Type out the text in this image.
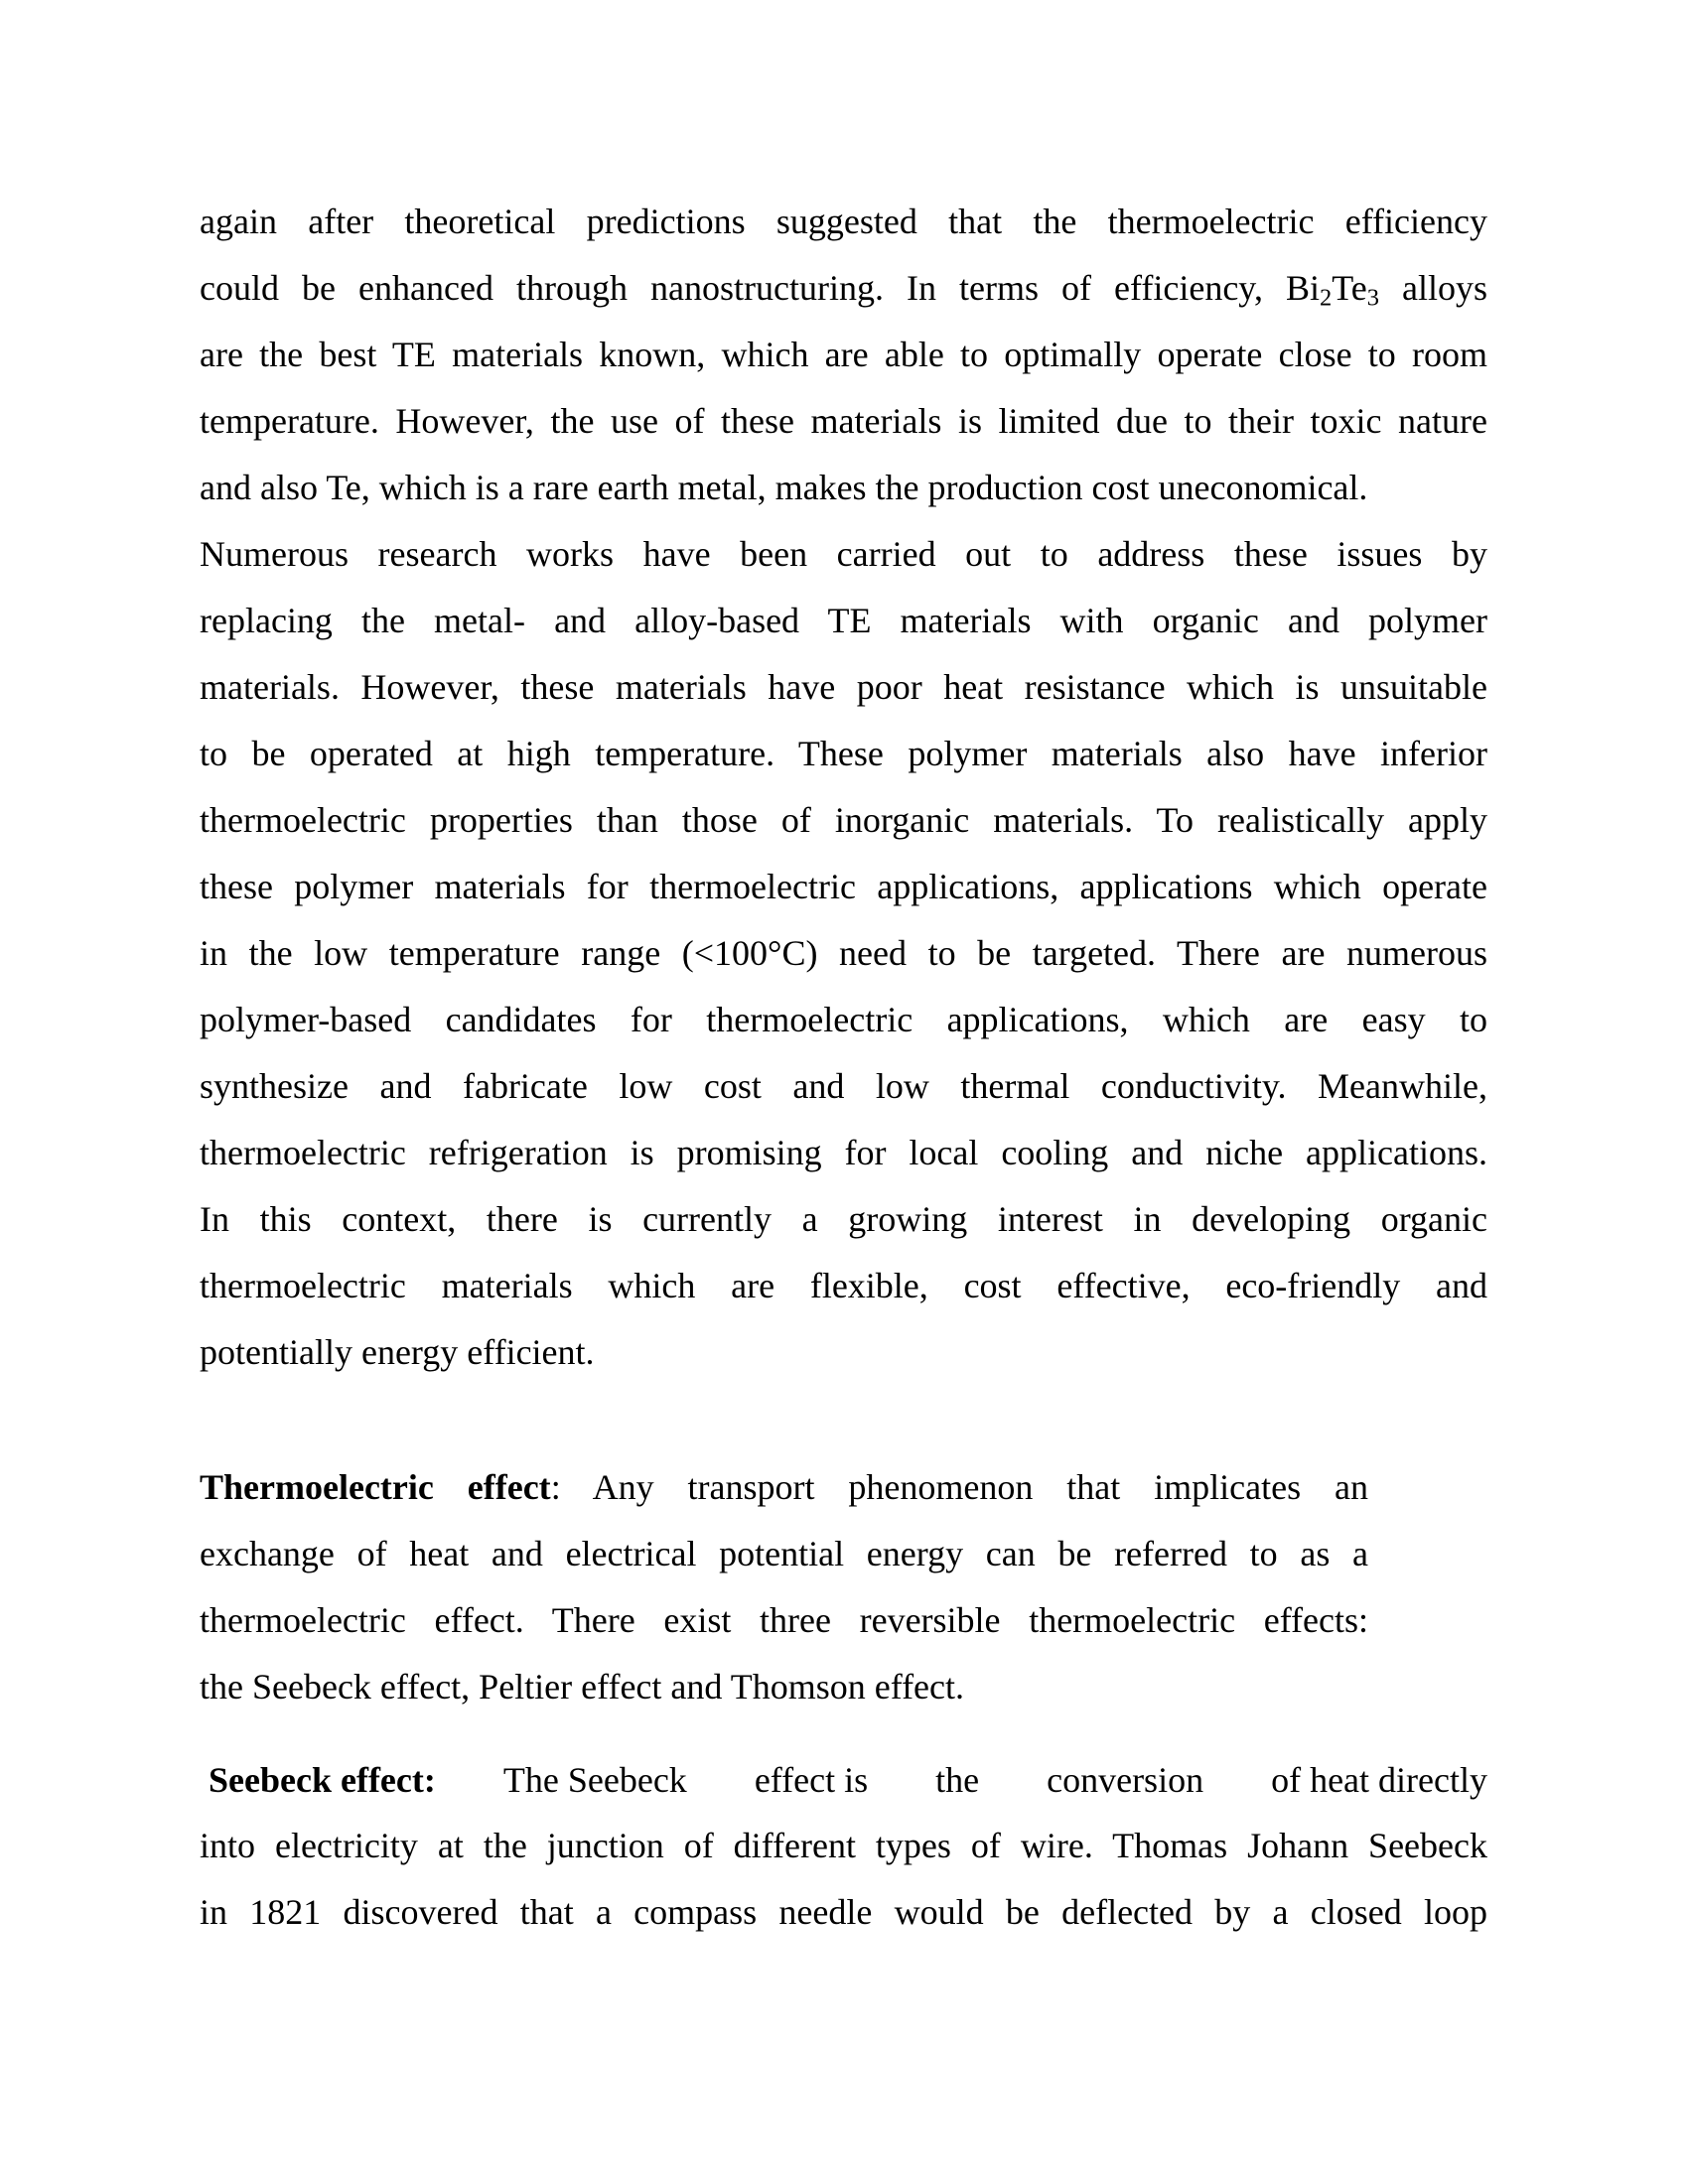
again after theoretical predictions suggested that the thermoelectric efficiency
could be enhanced through nanostructuring. In terms of efficiency, $Bi_2Te_3$ alloys
are the best TE materials known, which are able to optimally operate close to room
temperature. However, the use of these materials is limited due to their toxic nature
and also Te, which is a rare earth metal, makes the production cost uneconomical.
Numerous research works have been carried out to address these issues by
replacing the metal- and alloy-based TE materials with organic and polymer
materials. However, these materials have poor heat resistance which is unsuitable
to be operated at high temperature. These polymer materials also have inferior
thermoelectric properties than those of inorganic materials. To realistically apply
these polymer materials for thermoelectric applications, applications which operate
in the low temperature range (<100°C) need to be targeted. There are numerous
polymer-based candidates for thermoelectric applications, which are easy to
synthesize and fabricate low cost and low thermal conductivity. Meanwhile,
thermoelectric refrigeration is promising for local cooling and niche applications.
In this context, there is currently a growing interest in developing organic
thermoelectric materials which are flexible, cost effective, eco-friendly and
potentially energy efficient.
Thermoelectric effect: Any transport phenomenon that implicates an
exchange of heat and electrical potential energy can be referred to as a
thermoelectric effect. There exist three reversible thermoelectric effects:
the Seebeck effect, Peltier effect and Thomson effect.
Seebeck effect: The Seebeck effect is the conversion of heat directly
into electricity at the junction of different types of wire. Thomas Johann Seebeck
in 1821 discovered that a compass needle would be deflected by a closed loop
